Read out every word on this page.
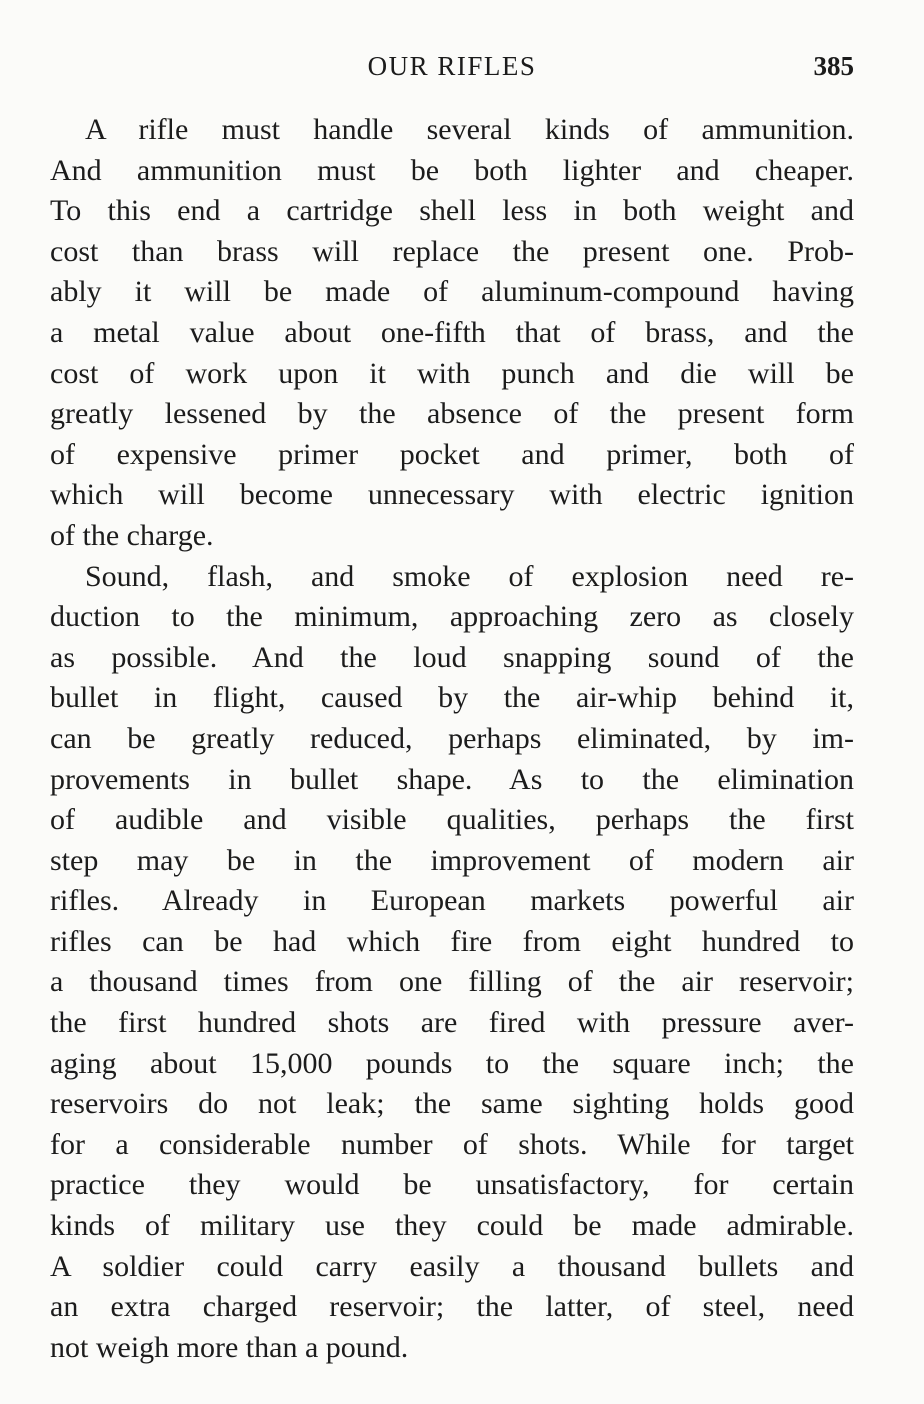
OUR RIFLES	385
A rifle must handle several kinds of ammunition.
And ammunition must be both lighter and cheaper.
To this end a cartridge shell less in both weight and
cost than brass will replace the present one. Prob-
ably it will be made of aluminum-compound having
a metal value about one-fifth that of brass, and the
cost of work upon it with punch and die will be
greatly lessened by the absence of the present form
of expensive primer pocket and primer, both of
which will become unnecessary with electric ignition
of the charge.
Sound, flash, and smoke of explosion need re-
duction to the minimum, approaching zero as closely
as possible. And the loud snapping sound of the
bullet in flight, caused by the air-whip behind it,
can be greatly reduced, perhaps eliminated, by im-
provements in bullet shape. As to the elimination
of audible and visible qualities, perhaps the first
step may be in the improvement of modern air
rifles. Already in European markets powerful air
rifles can be had which fire from eight hundred to
a thousand times from one filling of the air reservoir;
the first hundred shots are fired with pressure aver-
aging about 15,000 pounds to the square inch; the
reservoirs do not leak; the same sighting holds good
for a considerable number of shots. While for target
practice they would be unsatisfactory, for certain
kinds of military use they could be made admirable.
A soldier could carry easily a thousand bullets and
an extra charged reservoir; the latter, of steel, need
not weigh more than a pound.
